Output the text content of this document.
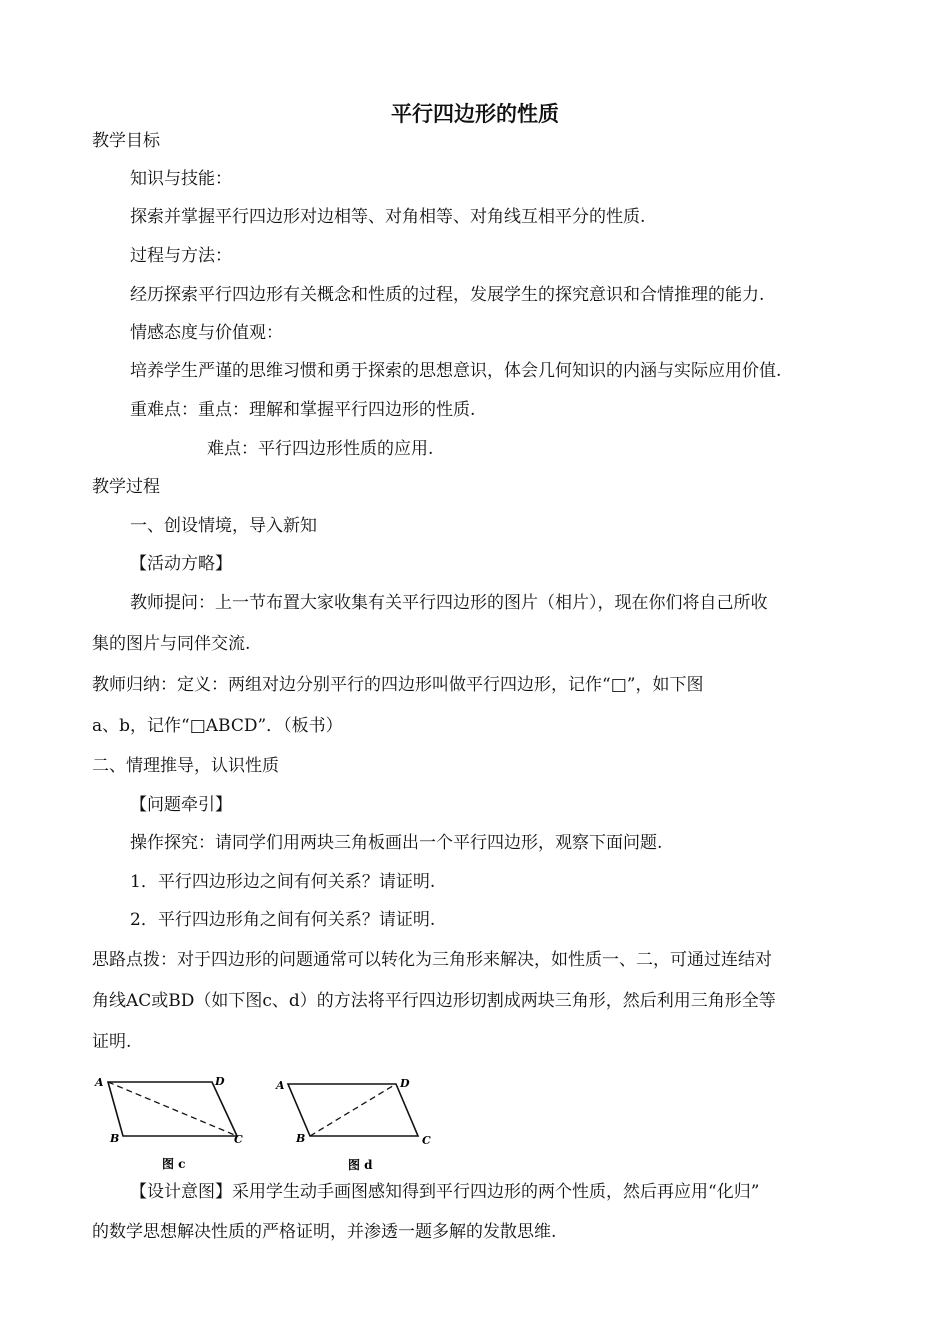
平行四边形的性质
教学目标
知识与技能：
探索并掌握平行四边形对边相等、对角相等、对角线互相平分的性质.
过程与方法：
经历探索平行四边形有关概念和性质的过程，发展学生的探究意识和合情推理的能力.
情感态度与价值观：
培养学生严谨的思维习惯和勇于探索的思想意识，体会几何知识的内涵与实际应用价值.
重难点：重点：理解和掌握平行四边形的性质.
难点：平行四边形性质的应用.
教学过程
一、创设情境，导入新知
【活动方略】
教师提问：上一节布置大家收集有关平行四边形的图片（相片），现在你们将自己所收
集的图片与同伴交流.
教师归纳：定义：两组对边分别平行的四边形叫做平行四边形，记作“□”，如下图
a、b，记作“□ABCD”．（板书）
二、情理推导，认识性质
【问题牵引】
操作探究：请同学们用两块三角板画出一个平行四边形，观察下面问题.
1．平行四边形边之间有何关系？请证明.
2．平行四边形角之间有何关系？请证明.
思路点拨：对于四边形的问题通常可以转化为三角形来解决，如性质一、二，可通过连结对
角线AC或BD（如下图c、d）的方法将平行四边形切割成两块三角形，然后利用三角形全等
证明.
A	D
B	C
图 c
A	D
B	C
图 d
【设计意图】采用学生动手画图感知得到平行四边形的两个性质，然后再应用“化归”
的数学思想解决性质的严格证明，并渗透一题多解的发散思维.
